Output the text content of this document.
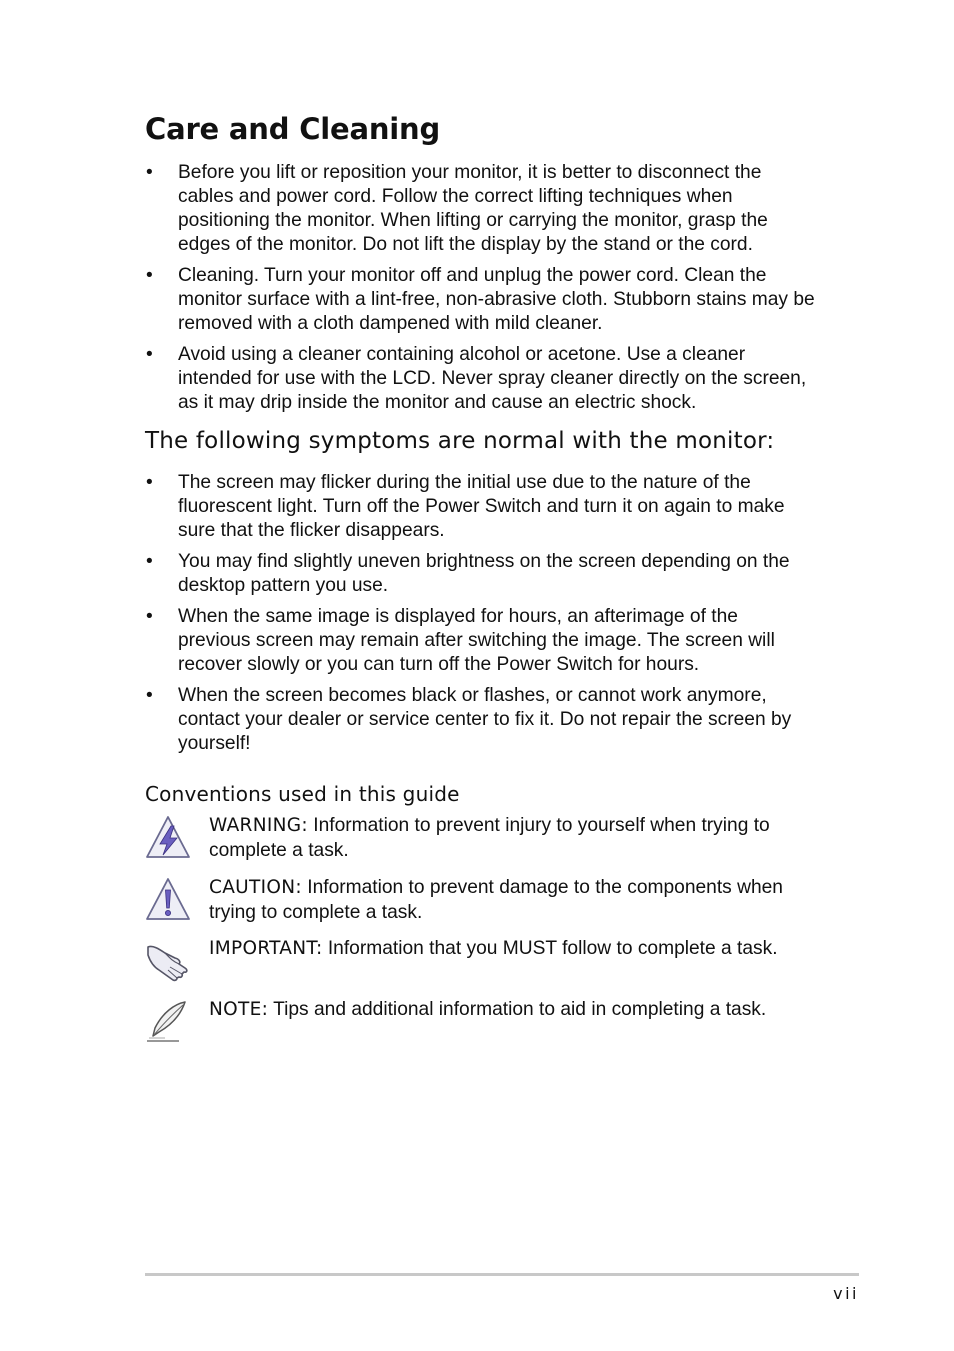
Care and Cleaning
• Before you lift or reposition your monitor, it is better to disconnect the cables and power cord. Follow the correct lifting techniques when positioning the monitor. When lifting or carrying the monitor, grasp the edges of the monitor. Do not lift the display by the stand or the cord.
• Cleaning. Turn your monitor off and unplug the power cord. Clean the monitor surface with a lint-free, non-abrasive cloth. Stubborn stains may be removed with a cloth dampened with mild cleaner.
• Avoid using a cleaner containing alcohol or acetone. Use a cleaner intended for use with the LCD. Never spray cleaner directly on the screen, as it may drip inside the monitor and cause an electric shock.
The following symptoms are normal with the monitor:
• The screen may flicker during the initial use due to the nature of the fluorescent light. Turn off the Power Switch and turn it on again to make sure that the flicker disappears.
• You may find slightly uneven brightness on the screen depending on the desktop pattern you use.
• When the same image is displayed for hours, an afterimage of the previous screen may remain after switching the image. The screen will recover slowly or you can turn off the Power Switch for hours.
• When the screen becomes black or flashes, or cannot work anymore, contact your dealer or service center to fix it. Do not repair the screen by yourself!
Conventions used in this guide
WARNING: Information to prevent injury to yourself when trying to complete a task.
CAUTION: Information to prevent damage to the components when trying to complete a task.
IMPORTANT: Information that you MUST follow to complete a task.
NOTE: Tips and additional information to aid in completing a task.
vii
